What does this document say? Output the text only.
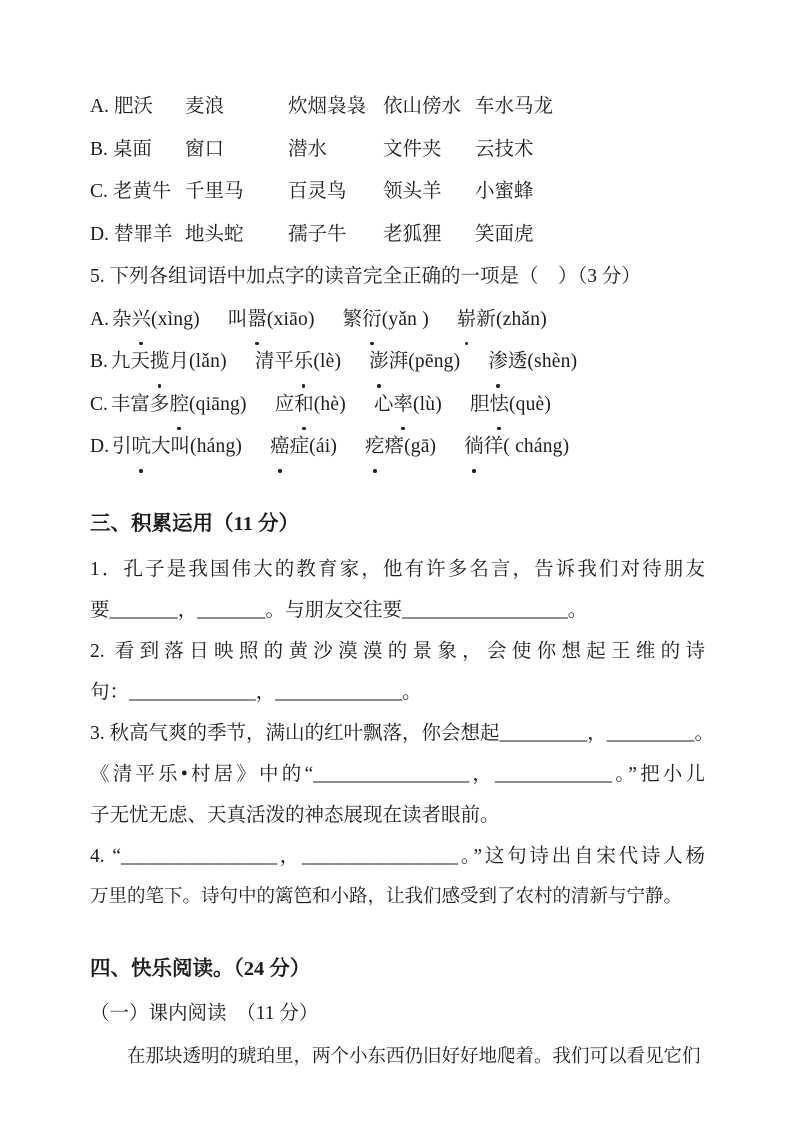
A. 肥沃	麦浪	炊烟袅袅 依山傍水 车水马龙

B. 桌面	窗口	潜水	文件夹	云技术

C. 老黄牛 千里马	百灵鸟	领头羊	小蜜蜂

D. 替罪羊 地头蛇	孺子牛	老狐狸	笑面虎

5. 下列各组词语中加点字的读音完全正确的一项是（　）（3 分）

A. 杂兴(xìng) 叫嚣(xiāo) 繁衍(yǎn ) 崭新(zhǎn)

B. 九天揽月(lǎn) 清平乐(lè) 澎湃(pēng) 渗透(shèn)

C. 丰富多腔(qiāng) 应和(hè) 心率(lù) 胆怯(què)

D. 引吭大叫(háng) 癌症(ái) 疙瘩(gā) 徜徉( cháng)

三、积累运用（11 分）

1．孔子是我国伟大的教育家，他有许多名言，告诉我们对待朋友

要_______，_______。与朋友交往要_________________。

2. 看到落日映照的黄沙漠漠的景象，会使你想起王维的诗

句：_____________，_____________。

3. 秋高气爽的季节，满山的红叶飘落，你会想起_________，_________。

《清平乐•村居》中的“________________，____________。”把小儿

子无忧无虑、天真活泼的神态展现在读者眼前。

4. “________________，________________。”这句诗出自宋代诗人杨

万里的笔下。诗句中的篱笆和小路，让我们感受到了农村的清新与宁静。

四、快乐阅读。（24 分）

（一）课内阅读　（11 分）

在那块透明的琥珀里，两个小东西仍旧好好地爬着。我们可以看见它们
